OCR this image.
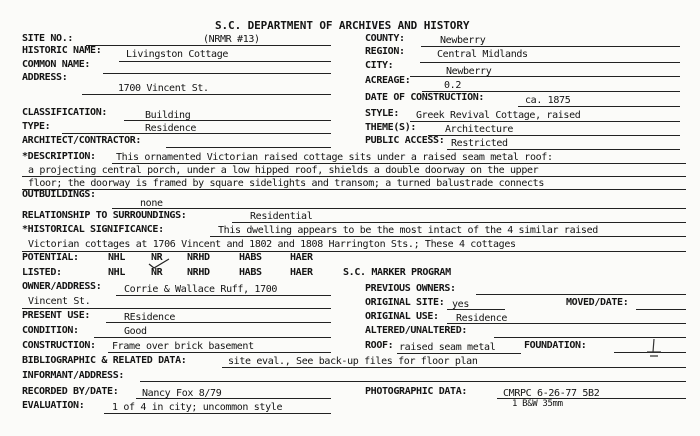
S.C. DEPARTMENT OF ARCHIVES AND HISTORY
SITE NO.:	(NRMR #13)	COUNTY:	Newberry
HISTORIC NAME: Livingston Cottage	REGION:	Central Midlands
COMMON NAME:	CITY:
Newberry
ADDRESS:
1700 Vincent St.
ACREAGE:	0.2
DATE OF CONSTRUCTION:	ca. 1875
CLASSIFICATION:	Building	STYLE: Greek Revival Cottage, raised
TYPE:	Residence	THEME(S):	Architecture
ARCHITECT/CONTRACTOR:	PUBLIC ACCESS: Restricted
*DESCRIPTION: This ornamented Victorian raised cottage sits under a raised seam metal roof:
a projecting central porch, under a low hipped roof, shields a double doorway on the upper
floor; the doorway is framed by square sidelights and transom; a turned balustrade connects
OUTBUILDINGS:
none
RELATIONSHIP TO SURROUNDINGS:	Residential
*HISTORICAL SIGNIFICANCE:	This dwelling appears to be the most intact of the 4 similar raised
Victorian cottages at 1706 Vincent and 1802 and 1808 Harrington Sts.; These 4 cottages
POTENTIAL:	NHL	NR NRHD	HABS	HAER
LISTED:	NHL	NR NRHD	HABS	HAER	S.C. MARKER PROGRAM
OWNER/ADDRESS: Corrie & Wallace Ruff, 1700	PREVIOUS OWNERS:
Vincent St.	ORIGINAL SITE: yes	MOVED/DATE:
PRESENT USE:	REsidence	ORIGINAL USE: Residence
CONDITION:	Good	ALTERED/UNALTERED:
CONSTRUCTION: Frame over brick basement	ROOF: raised seam metal	FOUNDATION:
BIBLIOGRAPHIC & RELATED DATA:	site eval., See back-up files for floor plan
INFORMANT/ADDRESS:
RECORDED BY/DATE: Nancy Fox 8/79	PHOTOGRAPHIC DATA:	CMRPC 6-26-77 5B2
1 B&W 35mm
EVALUATION:	1 of 4 in city; uncommon style
